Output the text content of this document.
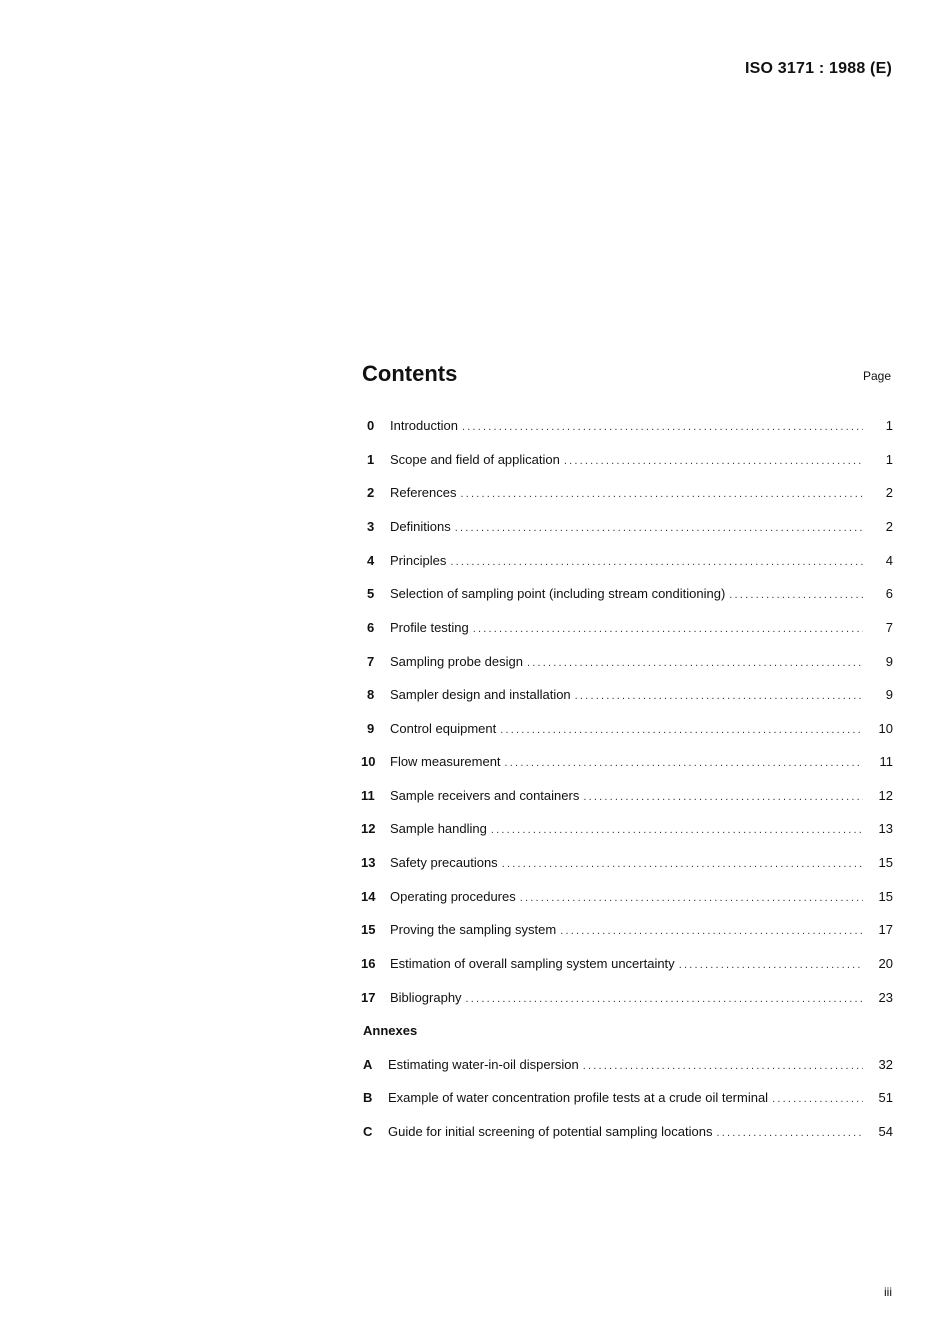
ISO 3171 : 1988 (E)
Contents	Page
0	Introduction .....	1
1	Scope and field of application .....	1
2	References .....	2
3	Definitions .....	2
4	Principles .....	4
5	Selection of sampling point (including stream conditioning) .....	6
6	Profile testing .....	7
7	Sampling probe design .....	9
8	Sampler design and installation .....	9
9	Control equipment .....	10
10	Flow measurement .....	11
11	Sample receivers and containers .....	12
12	Sample handling .....	13
13	Safety precautions .....	15
14	Operating procedures .....	15
15	Proving the sampling system .....	17
16	Estimation of overall sampling system uncertainty .....	20
17	Bibliography .....	23
Annexes
A	Estimating water-in-oil dispersion .....	32
B	Example of water concentration profile tests at a crude oil terminal .....	51
C	Guide for initial screening of potential sampling locations .....	54
iii
